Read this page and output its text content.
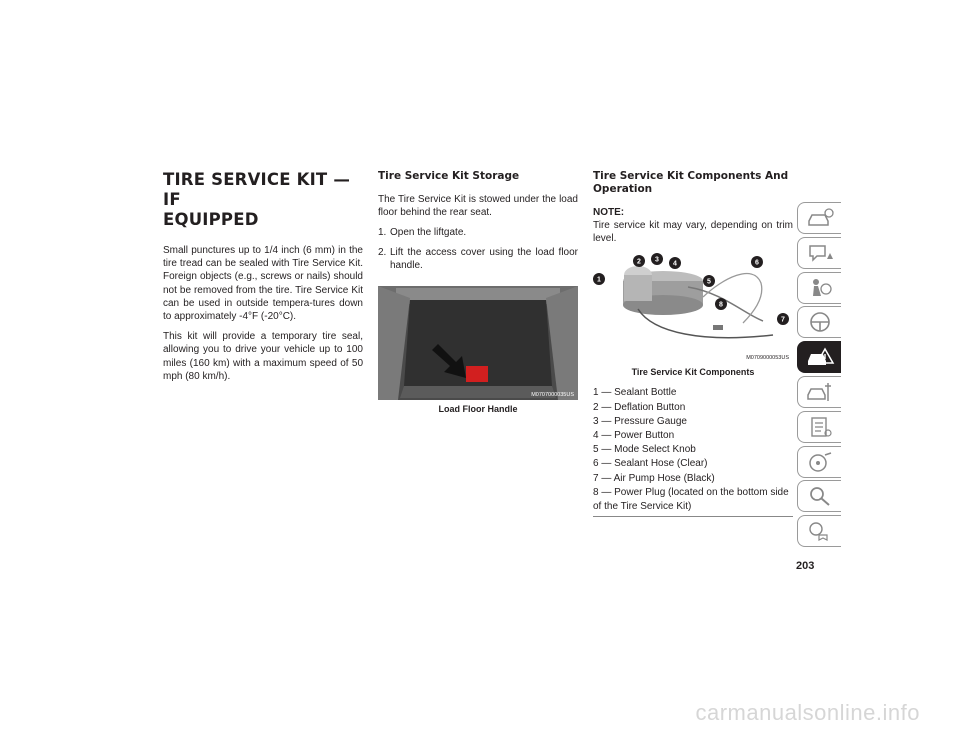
TIRE SERVICE KIT — IF
EQUIPPED

Small punctures up to 1/4 inch (6 mm) in the tire tread can be sealed with Tire Service Kit. Foreign objects (e.g., screws or nails) should not be removed from the tire. Tire Service Kit can be used in outside tempera-tures down to approximately -4°F (-20°C).

This kit will provide a temporary tire seal, allowing you to drive your vehicle up to 100 miles (160 km) with a maximum speed of 50 mph (80 km/h).

Tire Service Kit Storage

The Tire Service Kit is stowed under the load floor behind the rear seat.

1. Open the liftgate.
2. Lift the access cover using the load floor handle.
M0707000035US
Load Floor Handle
Tire Service Kit Components And
Operation
NOTE:

Tire service kit may vary, depending on trim level.

1
2 3
4
5
6
7
8
M0709000053US
Tire Service Kit Components
1 — Sealant Bottle
2 — Deflation Button
3 — Pressure Gauge
4 — Power Button
5 — Mode Select Knob
6 — Sealant Hose (Clear)
7 — Air Pump Hose (Black)
8 — Power Plug (located on the bottom side of the Tire Service Kit)
203
carmanualsonline.info
